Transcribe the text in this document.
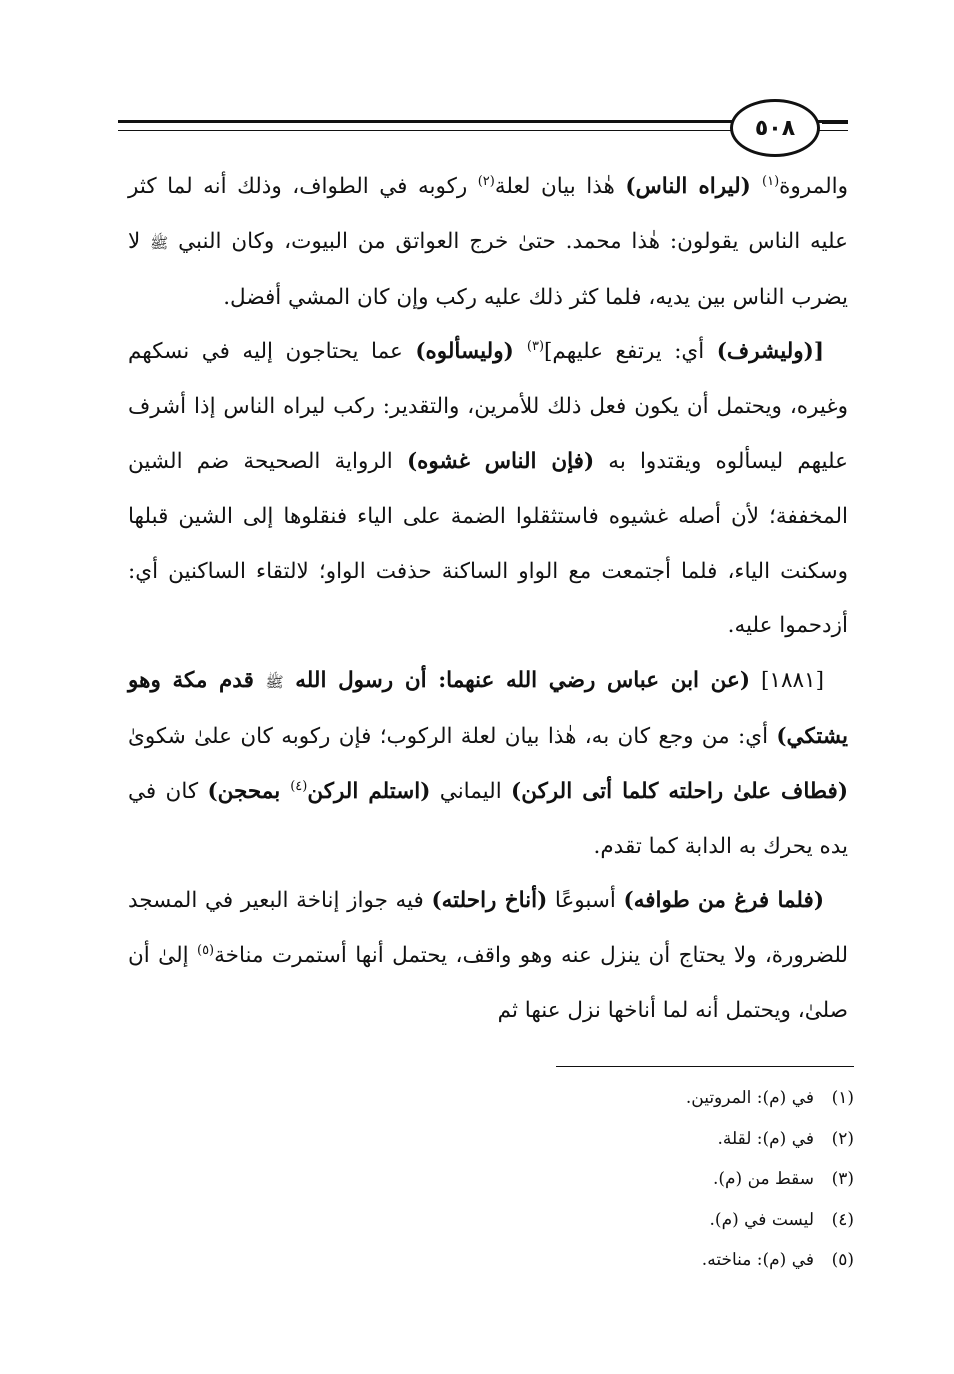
٥٠٨

والمروة$^{(١)}$ (ليراه الناس) هٰذا بيان لعلة$^{(٢)}$ ركوبه في الطواف، وذلك أنه لما كثر عليه الناس يقولون: هٰذا محمد. حتىٰ خرج العواتق من البيوت، وكان النبي ﷺ لا يضرب الناس بين يديه، فلما كثر ذلك عليه ركب وإن كان المشي أفضل.

[(وليشرف) أي: يرتفع عليهم]$^{(٣)}$ (وليسألوه) عما يحتاجون إليه في نسكهم وغيره، ويحتمل أن يكون فعل ذلك للأمرين، والتقدير: ركب ليراه الناس إذا أشرف عليهم ليسألوه ويقتدوا به (فإن الناس غشوه) الرواية الصحيحة ضم الشين المخففة؛ لأن أصله غشيوه فاستثقلوا الضمة على الياء فنقلوها إلى الشين قبلها وسكنت الياء، فلما أجتمعت مع الواو الساكنة حذفت الواو؛ لالتقاء الساكنين أي: أزدحموا عليه.

[١٨٨١] (عن ابن عباس رضي الله عنهما: أن رسول الله ﷺ قدم مكة وهو يشتكي) أي: من وجع كان به، هٰذا بيان لعلة الركوب؛ فإن ركوبه كان علىٰ شكوىٰ (فطاف علىٰ راحلته كلما أتى الركن) اليماني (استلم الركن$^{(٤)}$ بمحجن) كان في يده يحرك به الدابة كما تقدم.

(فلما فرغ من طوافه) أسبوعًا (أناخ راحلته) فيه جواز إناخة البعير في المسجد للضرورة، ولا يحتاج أن ينزل عنه وهو واقف، يحتمل أنها أستمرت مناخة$^{(٥)}$ إلىٰ أن صلىٰ، ويحتمل أنه لما أناخها نزل عنها ثم

(١)في (م): المروتين.
(٢)في (م): لقلة.
(٣)سقط من (م).
(٤)ليست في (م).
(٥)في (م): مناخته.
